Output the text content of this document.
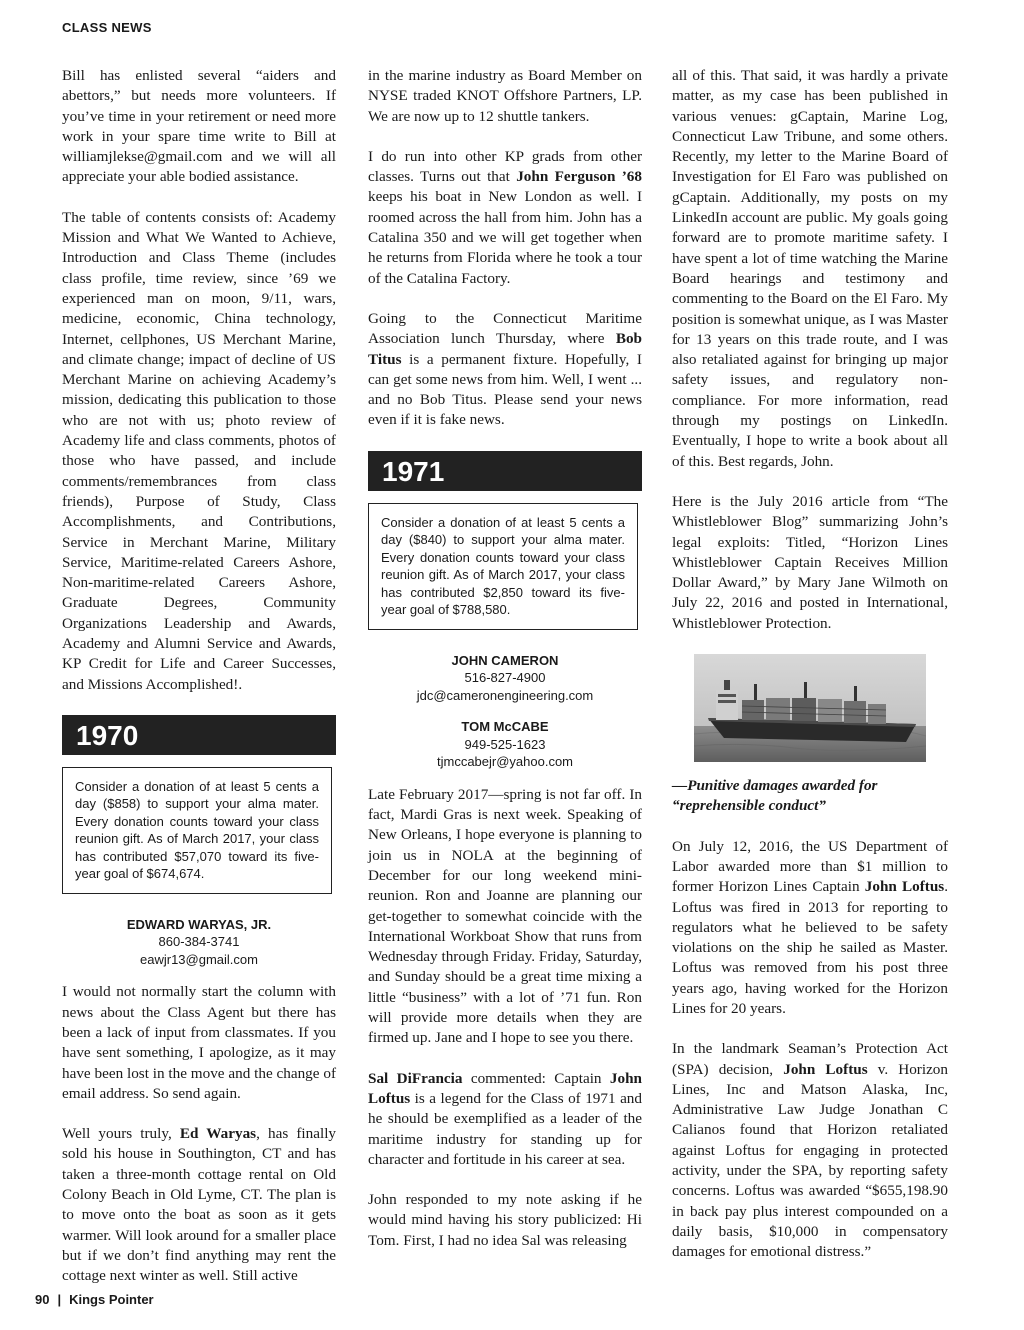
CLASS NEWS

Bill has enlisted several “aiders and abettors,” but needs more volunteers. If you’ve time in your retirement or need more work in your spare time write to Bill at williamjlekse@gmail.com and we will all appreciate your able bodied assistance.

The table of contents consists of: Academy Mission and What We Wanted to Achieve, Introduction and Class Theme (includes class profile, time review, since ’69 we experienced man on moon, 9/11, wars, medicine, economic, China technology, Internet, cellphones, US Merchant Marine, and climate change; impact of decline of US Merchant Marine on achieving Academy’s mission, dedicating this publication to those who are not with us; photo review of Academy life and class comments, photos of those who have passed, and include comments/remembrances from class friends), Purpose of Study, Class Accomplishments, and Contributions, Service in Merchant Marine, Military Service, Maritime-related Careers Ashore, Non-maritime-related Careers Ashore, Graduate Degrees, Community Organizations Leadership and Awards, Academy and Alumni Service and Awards, KP Credit for Life and Career Successes, and Missions Accomplished!.

1970
Consider a donation of at least 5 cents a day ($858) to support your alma mater. Every donation counts toward your class reunion gift. As of March 2017, your class has contributed $57,070 toward its five-year goal of $674,674.
EDWARD WARYAS, JR.
860-384-3741
eawjr13@gmail.com

I would not normally start the column with news about the Class Agent but there has been a lack of input from classmates. If you have sent something, I apologize, as it may have been lost in the move and the change of email address. So send again.

Well yours truly, Ed Waryas, has finally sold his house in Southington, CT and has taken a three-month cottage rental on Old Colony Beach in Old Lyme, CT. The plan is to move onto the boat as soon as it gets warmer. Will look around for a smaller place but if we don’t find anything may rent the cottage next winter as well. Still active

in the marine industry as Board Member on NYSE traded KNOT Offshore Partners, LP. We are now up to 12 shuttle tankers.

I do run into other KP grads from other classes. Turns out that John Ferguson ’68 keeps his boat in New London as well. I roomed across the hall from him. John has a Catalina 350 and we will get together when he returns from Florida where he took a tour of the Catalina Factory.

Going to the Connecticut Maritime Association lunch Thursday, where Bob Titus is a permanent fixture. Hopefully, I can get some news from him. Well, I went ... and no Bob Titus. Please send your news even if it is fake news.

1971
Consider a donation of at least 5 cents a day ($840) to support your alma mater. Every donation counts toward your class reunion gift. As of March 2017, your class has contributed $2,850 toward its five-year goal of $788,580.
JOHN CAMERON
516-827-4900
jdc@cameronengineering.com
TOM McCABE
949-525-1623
tjmccabejr@yahoo.com

Late February 2017—spring is not far off. In fact, Mardi Gras is next week. Speaking of New Orleans, I hope everyone is planning to join us in NOLA at the beginning of December for our long weekend mini-reunion. Ron and Joanne are planning our get-together to somewhat coincide with the International Workboat Show that runs from Wednesday through Friday. Friday, Saturday, and Sunday should be a great time mixing a little “business” with a lot of ’71 fun. Ron will provide more details when they are firmed up. Jane and I hope to see you there.

Sal DiFrancia commented: Captain John Loftus is a legend for the Class of 1971 and he should be exemplified as a leader of the maritime industry for standing up for character and fortitude in his career at sea.

John responded to my note asking if he would mind having his story publicized: Hi Tom. First, I had no idea Sal was releasing

all of this. That said, it was hardly a private matter, as my case has been published in various venues: gCaptain, Marine Log, Connecticut Law Tribune, and some others. Recently, my letter to the Marine Board of Investigation for El Faro was published on gCaptain. Additionally, my posts on my LinkedIn account are public. My goals going forward are to promote maritime safety. I have spent a lot of time watching the Marine Board hearings and testimony and commenting to the Board on the El Faro. My position is somewhat unique, as I was Master for 13 years on this trade route, and I was also retaliated against for bringing up major safety issues, and regulatory non-compliance. For more information, read through my postings on LinkedIn. Eventually, I hope to write a book about all of this. Best regards, John.

Here is the July 2016 article from “The Whistleblower Blog” summarizing John’s legal exploits: Titled, “Horizon Lines Whistleblower Captain Receives Million Dollar Award,” by Mary Jane Wilmoth on July 22, 2016 and posted in International, Whistleblower Protection.

—Punitive damages awarded for “reprehensible conduct”

On July 12, 2016, the US Department of Labor awarded more than $1 million to former Horizon Lines Captain John Loftus. Loftus was fired in 2013 for reporting to regulators what he believed to be safety violations on the ship he sailed as Master. Loftus was removed from his post three years ago, having worked for the Horizon Lines for 20 years.

In the landmark Seaman’s Protection Act (SPA) decision, John Loftus v. Horizon Lines, Inc and Matson Alaska, Inc, Administrative Law Judge Jonathan C Calianos found that Horizon retaliated against Loftus for engaging in protected activity, under the SPA, by reporting safety concerns. Loftus was awarded “$655,198.90 in back pay plus interest compounded on a daily basis, $10,000 in compensatory damages for emotional distress.”

90 | Kings Pointer
